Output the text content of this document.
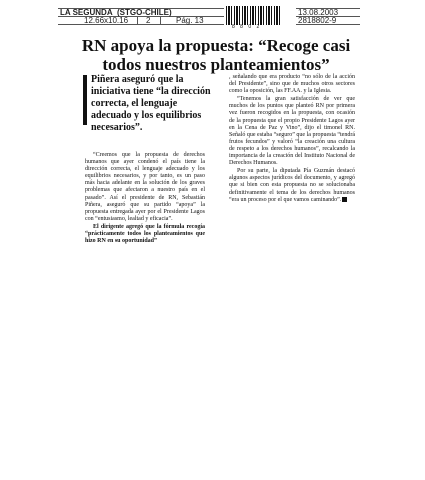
LA SEGUNDA (STGO-CHILE)
12.66x10.16 2	Pág. 13
8 8 0 2
13.08.2003
2818802-9
RN apoya la propuesta: “Recoge casi todos nuestros planteamientos”
Piñera aseguró que la iniciativa tiene “la dirección correcta, el lenguaje adecuado y los equilibrios necesarios”.

“Creemos que la propuesta de derechos humanos que ayer condenó el país tiene la dirección correcta, el lenguaje adecuado y los equilibrios necesarios, y por tanto, es un paso más hacia adelante en la solución de los graves problemas que afectaron a nuestro país en el pasado”. Así el presidente de RN, Sebastián Piñera, aseguró que su partido “apoya” la propuesta entregada ayer por el Presidente Lagos con “entusiasmo, lealtad y eficacia”.

El dirigente agregó que la fórmula recogía “prácticamente todos los planteamientos que hizo RN en su oportunidad”

, señalando que era producto “no sólo de la acción del Presidente”, sino que de muchos otros sectores como la oposición, las FF.AA. y la Iglesia.

“Tenemos la gran satisfacción de ver que muchos de los puntos que planteó RN por primera vez fueron recogidos en la propuesta, con ocasión de la propuesta que el propio Presidente Lagos ayer en la Cena de Paz y Vino”, dijo el timonel RN. Señaló que estaba “seguro” que la propuesta “tendrá frutos fecundos” y valoró “la creación una cultura de respeto a los derechos humanos”, recalcando la importancia de la creación del Instituto Nacional de Derechos Humanos.

Por su parte, la diputada Pía Guzmán destacó algunos aspectos jurídicos del documento, y agregó que si bien con esta propuesta no se solucionaba definitivamente el tema de los derechos humanos “era un proceso por el que vamos caminando”.
